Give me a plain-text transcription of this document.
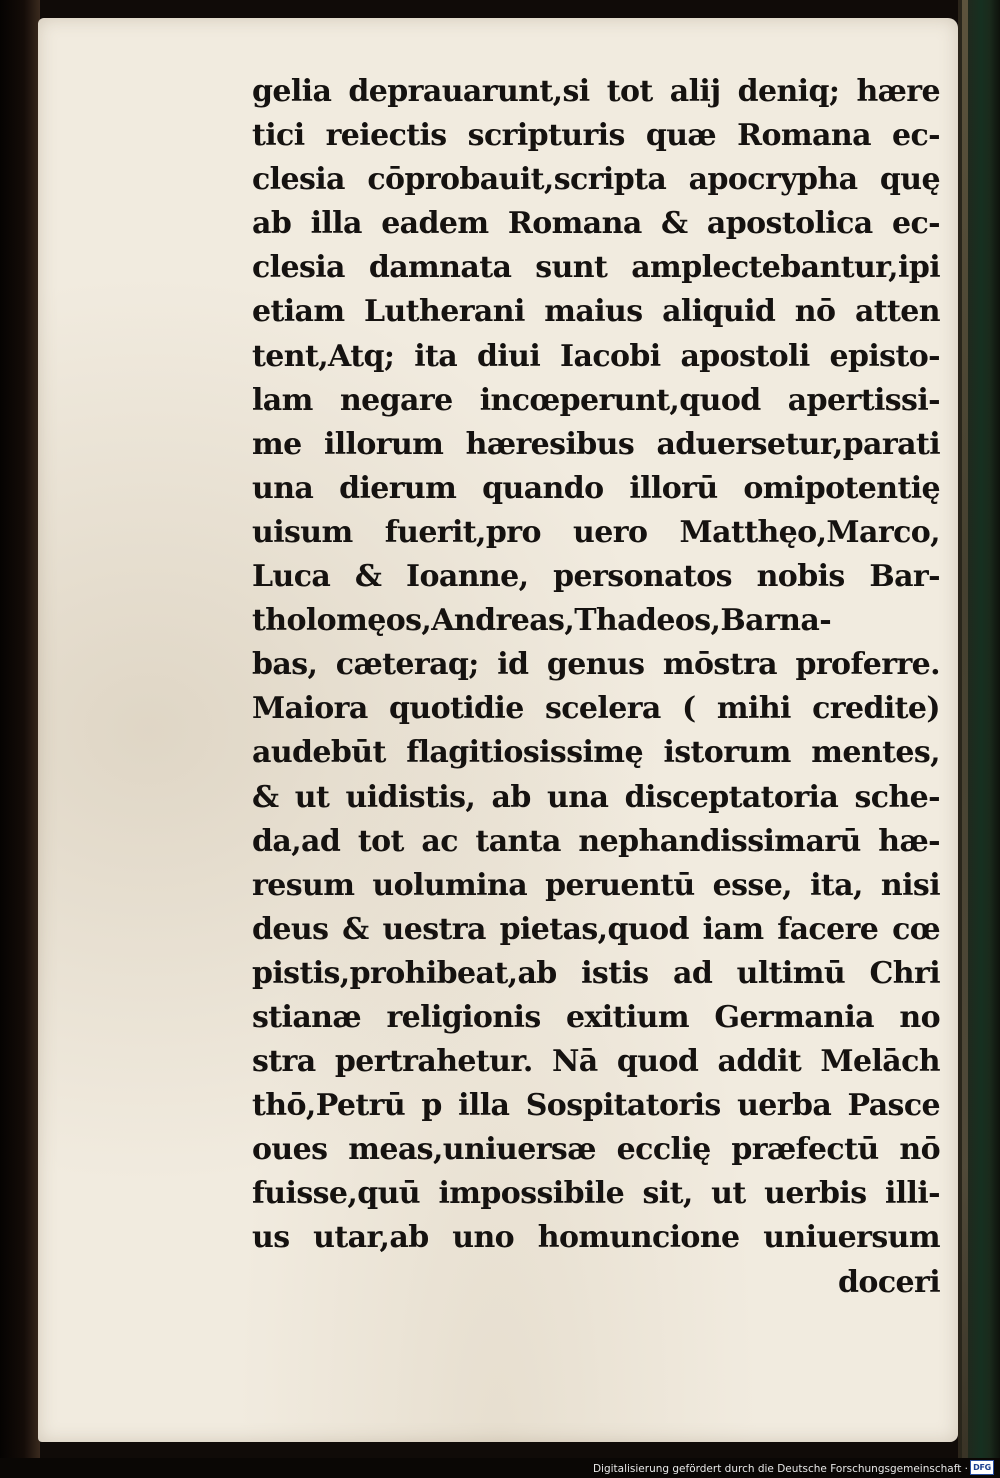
gelia deprauarunt,si tot alij deniq; hære
tici reiectis scripturis quæ Romana ec-
clesia cōprobauit,scripta apocrypha quę
ab illa eadem Romana & apostolica ec-
clesia damnata sunt amplectebantur,ipi
etiam Lutherani maius aliquid nō atten
tent,Atq; ita diui Iacobi apostoli episto-
lam negare incœperunt,quod apertissi-
me illorum hæresibus aduersetur,parati
una dierum quando illorū omipotentię
uisum fuerit,pro uero Matthęo,Marco,
Luca & Ioanne, personatos nobis Bar-
tholomęos,Andreas,Thadeos,Barna-
bas, cæteraq; id genus mōstra proferre.
Maiora quotidie scelera ( mihi credite)
audebūt flagitiosissimę istorum mentes,
& ut uidistis, ab una disceptatoria sche-
da,ad tot ac tanta nephandissimarū hæ-
resum uolumina peruentū esse, ita, nisi
deus & uestra pietas,quod iam facere cœ
pistis,prohibeat,ab istis ad ultimū Chri
stianæ religionis exitium Germania no
stra pertrahetur. Nā quod addit Melāch
thō,Petrū p illa Sospitatoris uerba Pasce
oues meas,uniuersæ ecclię præfectū nō
fuisse,quū impossibile sit, ut uerbis illi-
us utar,ab uno homuncione uniuersum
doceri
Digitalisierung gefördert durch die Deutsche Forschungsgemeinschaft · DFG
